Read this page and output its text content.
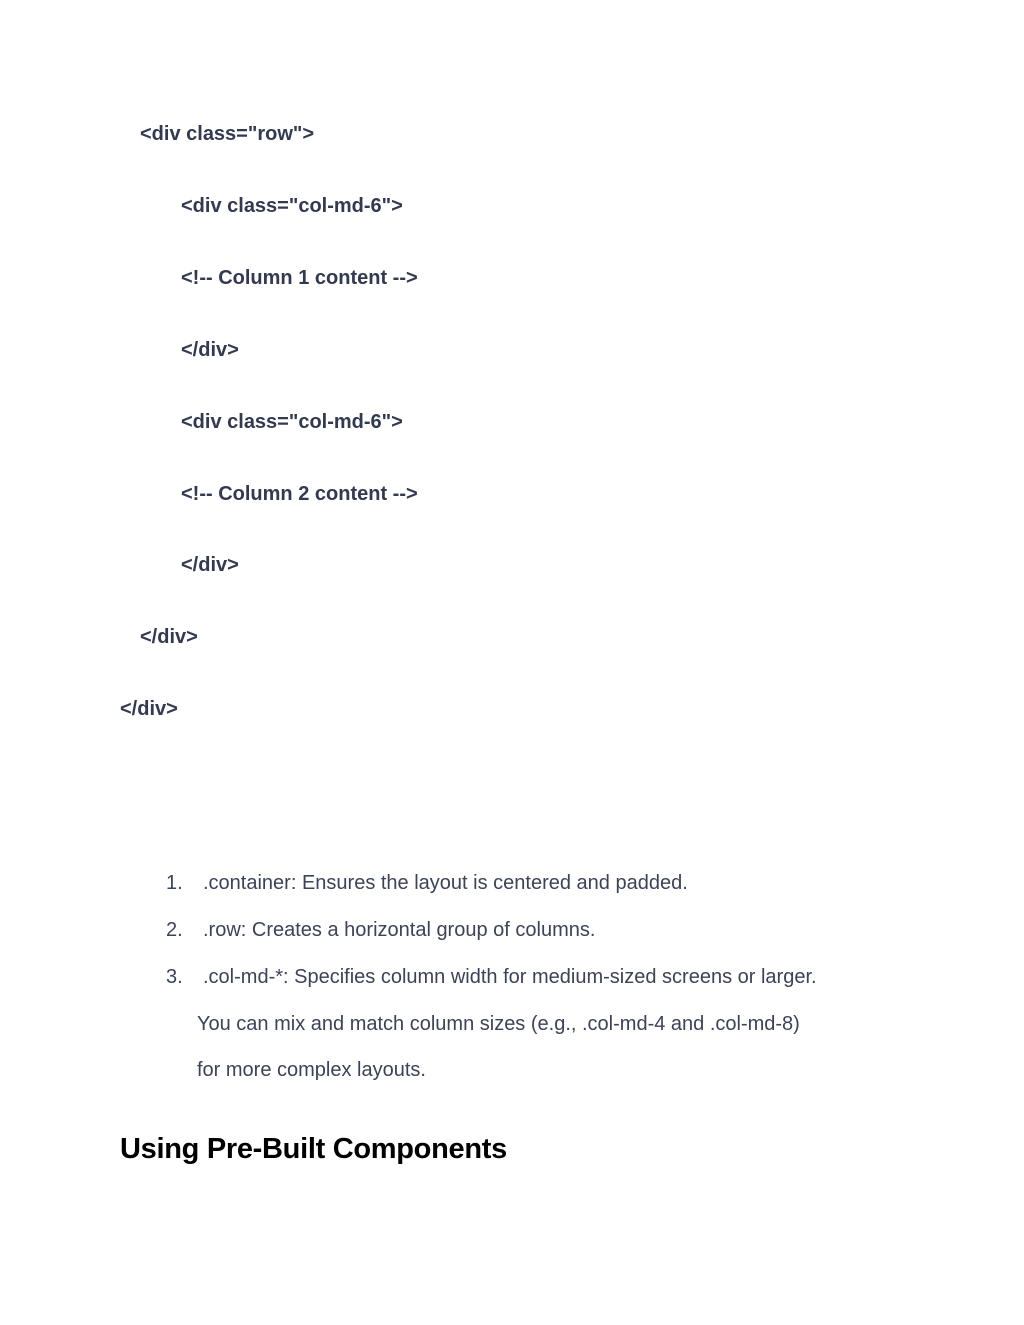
<div class="row">

<div class="col-md-6">

<!-- Column 1 content -->

</div>

<div class="col-md-6">

<!-- Column 2 content -->

</div>

</div>

</div>

1. .container: Ensures the layout is centered and padded.

2. .row: Creates a horizontal group of columns.

3. .col-md-*: Specifies column width for medium-sized screens or larger.

You can mix and match column sizes (e.g., .col-md-4 and .col-md-8)

for more complex layouts.

Using Pre-Built Components
